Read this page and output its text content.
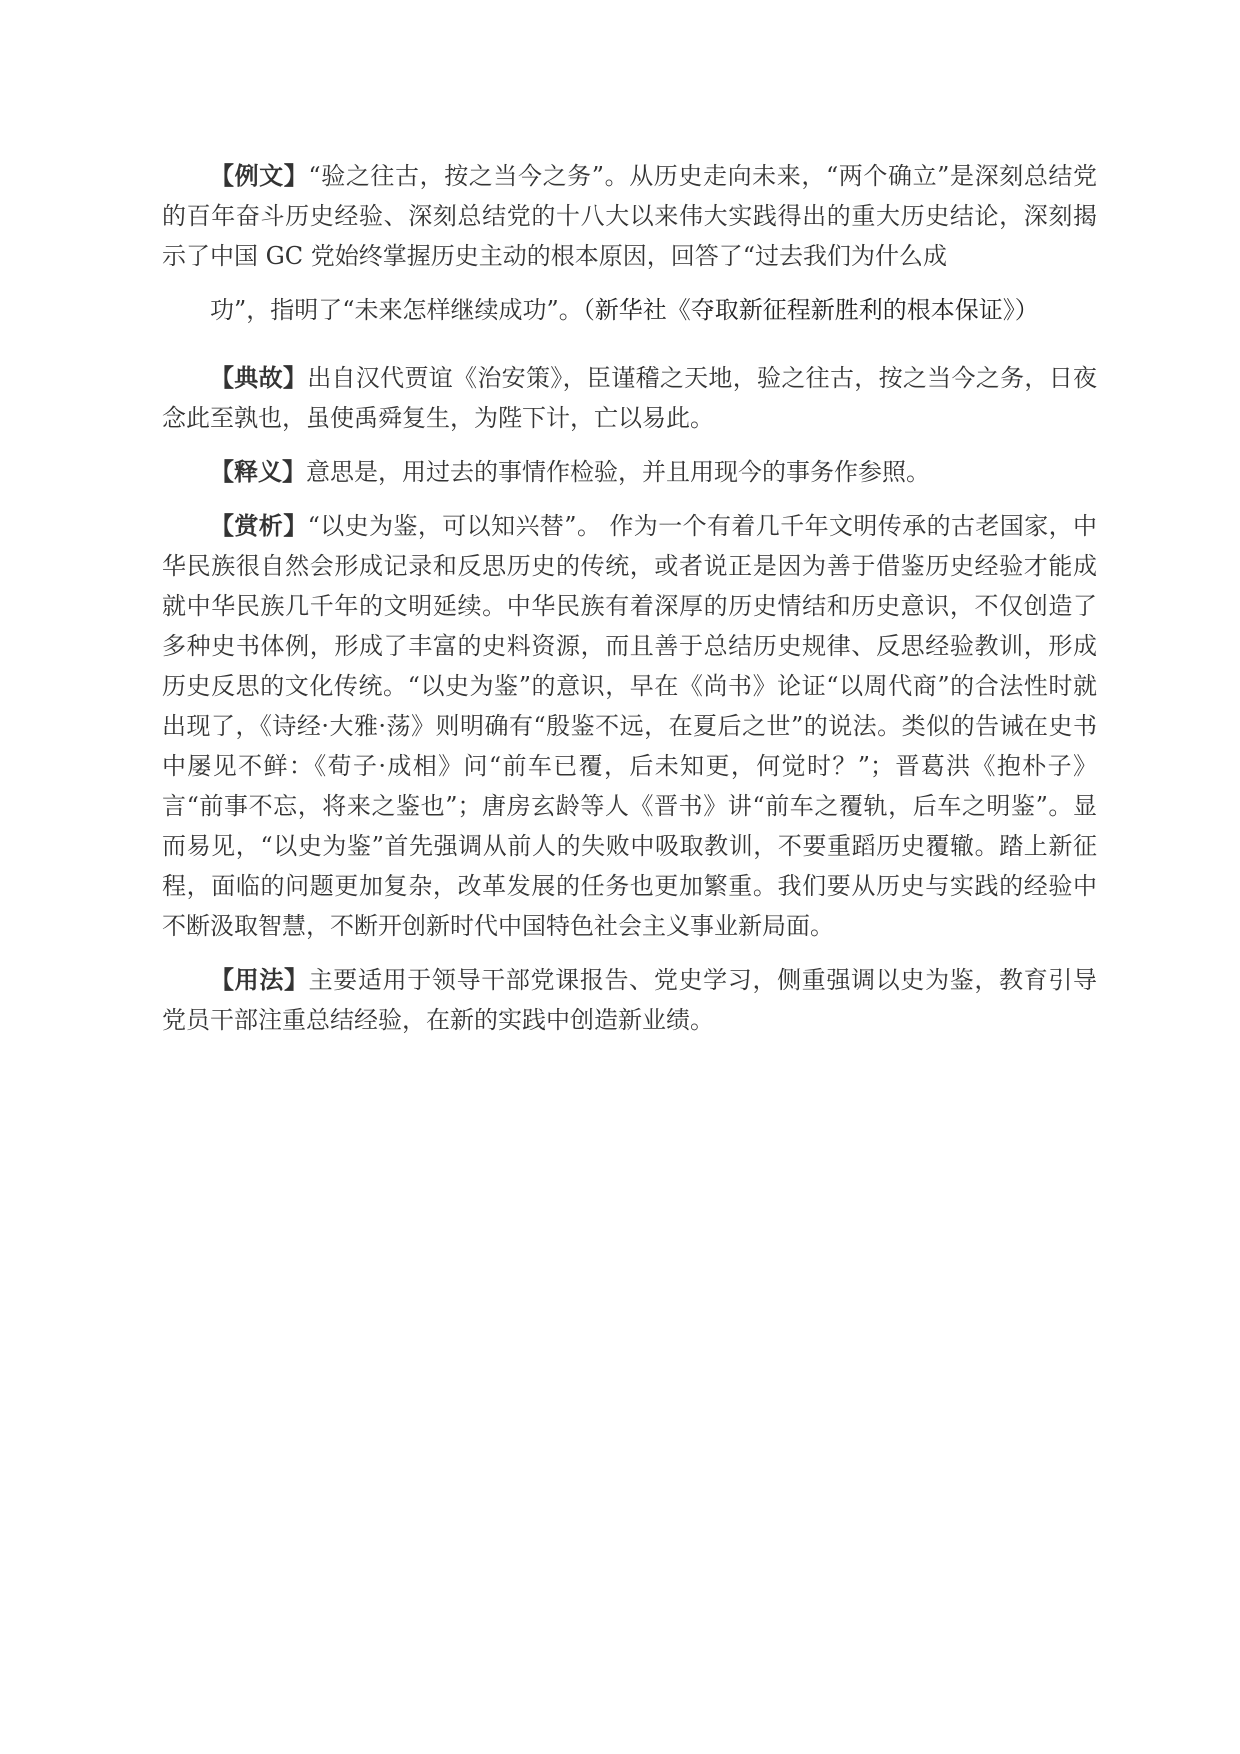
【例文】“验之往古，按之当今之务”。从历史走向未来，“两个确立”是深刻总结党的百年奋斗历史经验、深刻总结党的十八大以来伟大实践得出的重大历史结论，深刻揭示了中国 GC 党始终掌握历史主动的根本原因，回答了“过去我们为什么成
功”，指明了“未来怎样继续成功”。（新华社《夺取新征程新胜利的根本保证》）

【典故】出自汉代贾谊《治安策》，臣谨稽之天地，验之往古，按之当今之务，日夜念此至孰也，虽使禹舜复生，为陛下计，亡以易此。

【释义】意思是，用过去的事情作检验，并且用现今的事务作参照。

【赏析】“以史为鉴，可以知兴替”。 作为一个有着几千年文明传承的古老国家，中华民族很自然会形成记录和反思历史的传统，或者说正是因为善于借鉴历史经验才能成就中华民族几千年的文明延续。中华民族有着深厚的历史情结和历史意识，不仅创造了多种史书体例，形成了丰富的史料资源，而且善于总结历史规律、反思经验教训，形成历史反思的文化传统。“以史为鉴”的意识，早在《尚书》论证“以周代商”的合法性时就出现了，《诗经·大雅·荡》则明确有“殷鉴不远，在夏后之世”的说法。类似的告诫在史书中屡见不鲜：《荀子·成相》问“前车已覆，后未知更，何觉时？”；晋葛洪《抱朴子》言“前事不忘，将来之鉴也”；唐房玄龄等人《晋书》讲“前车之覆轨，后车之明鉴”。显而易见，“以史为鉴”首先强调从前人的失败中吸取教训，不要重蹈历史覆辙。踏上新征程，面临的问题更加复杂，改革发展的任务也更加繁重。我们要从历史与实践的经验中不断汲取智慧，不断开创新时代中国特色社会主义事业新局面。

【用法】主要适用于领导干部党课报告、党史学习，侧重强调以史为鉴，教育引导党员干部注重总结经验，在新的实践中创造新业绩。
